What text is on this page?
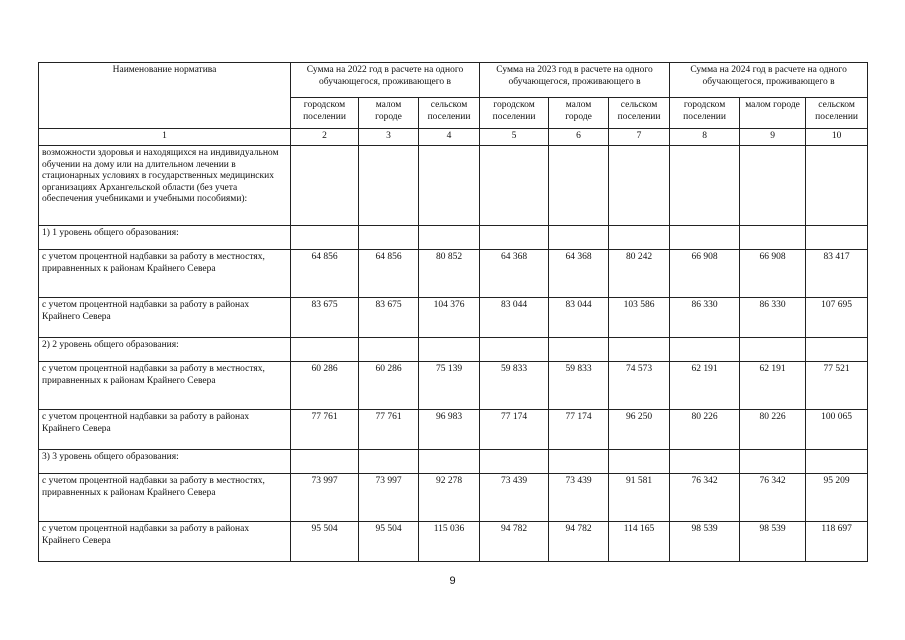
Наименование норматива	Сумма на 2022 год в расчете на одного обучающегося, проживающего в			Сумма на 2023 год в расчете на одного обучающегося, проживающего в			Сумма на 2024 год в расчете на одного обучающегося, проживающего в		

	городском поселении	малом городе	сельском поселении	городском поселении	малом городе	сельском поселении	городском поселении	малом городе	сельском поселении

1	2	3	4	5	6	7	8	9	10
возможности здоровья и находящихся на индивидуальном обучении на дому или на длительном лечении в стационарных условиях в государственных медицинских организациях Архангельской области (без учета обеспечения учебниками и учебными пособиями):									
1) 1 уровень общего образования:									
с учетом процентной надбавки за работу в местностях, приравненных к районам Крайнего Севера	64 856	64 856	80 852	64 368	64 368	80 242	66 908	66 908	83 417
с учетом процентной надбавки за работу в районах Крайнего Севера	83 675	83 675	104 376	83 044	83 044	103 586	86 330	86 330	107 695
2) 2 уровень общего образования:									
с учетом процентной надбавки за работу в местностях, приравненных к районам Крайнего Севера	60 286	60 286	75 139	59 833	59 833	74 573	62 191	62 191	77 521
с учетом процентной надбавки за работу в районах Крайнего Севера	77 761	77 761	96 983	77 174	77 174	96 250	80 226	80 226	100 065
3) 3 уровень общего образования:									
с учетом процентной надбавки за работу в местностях, приравненных к районам Крайнего Севера	73 997	73 997	92 278	73 439	73 439	91 581	76 342	76 342	95 209
с учетом процентной надбавки за работу в районах Крайнего Севера	95 504	95 504	115 036	94 782	94 782	114 165	98 539	98 539	118 697
9
